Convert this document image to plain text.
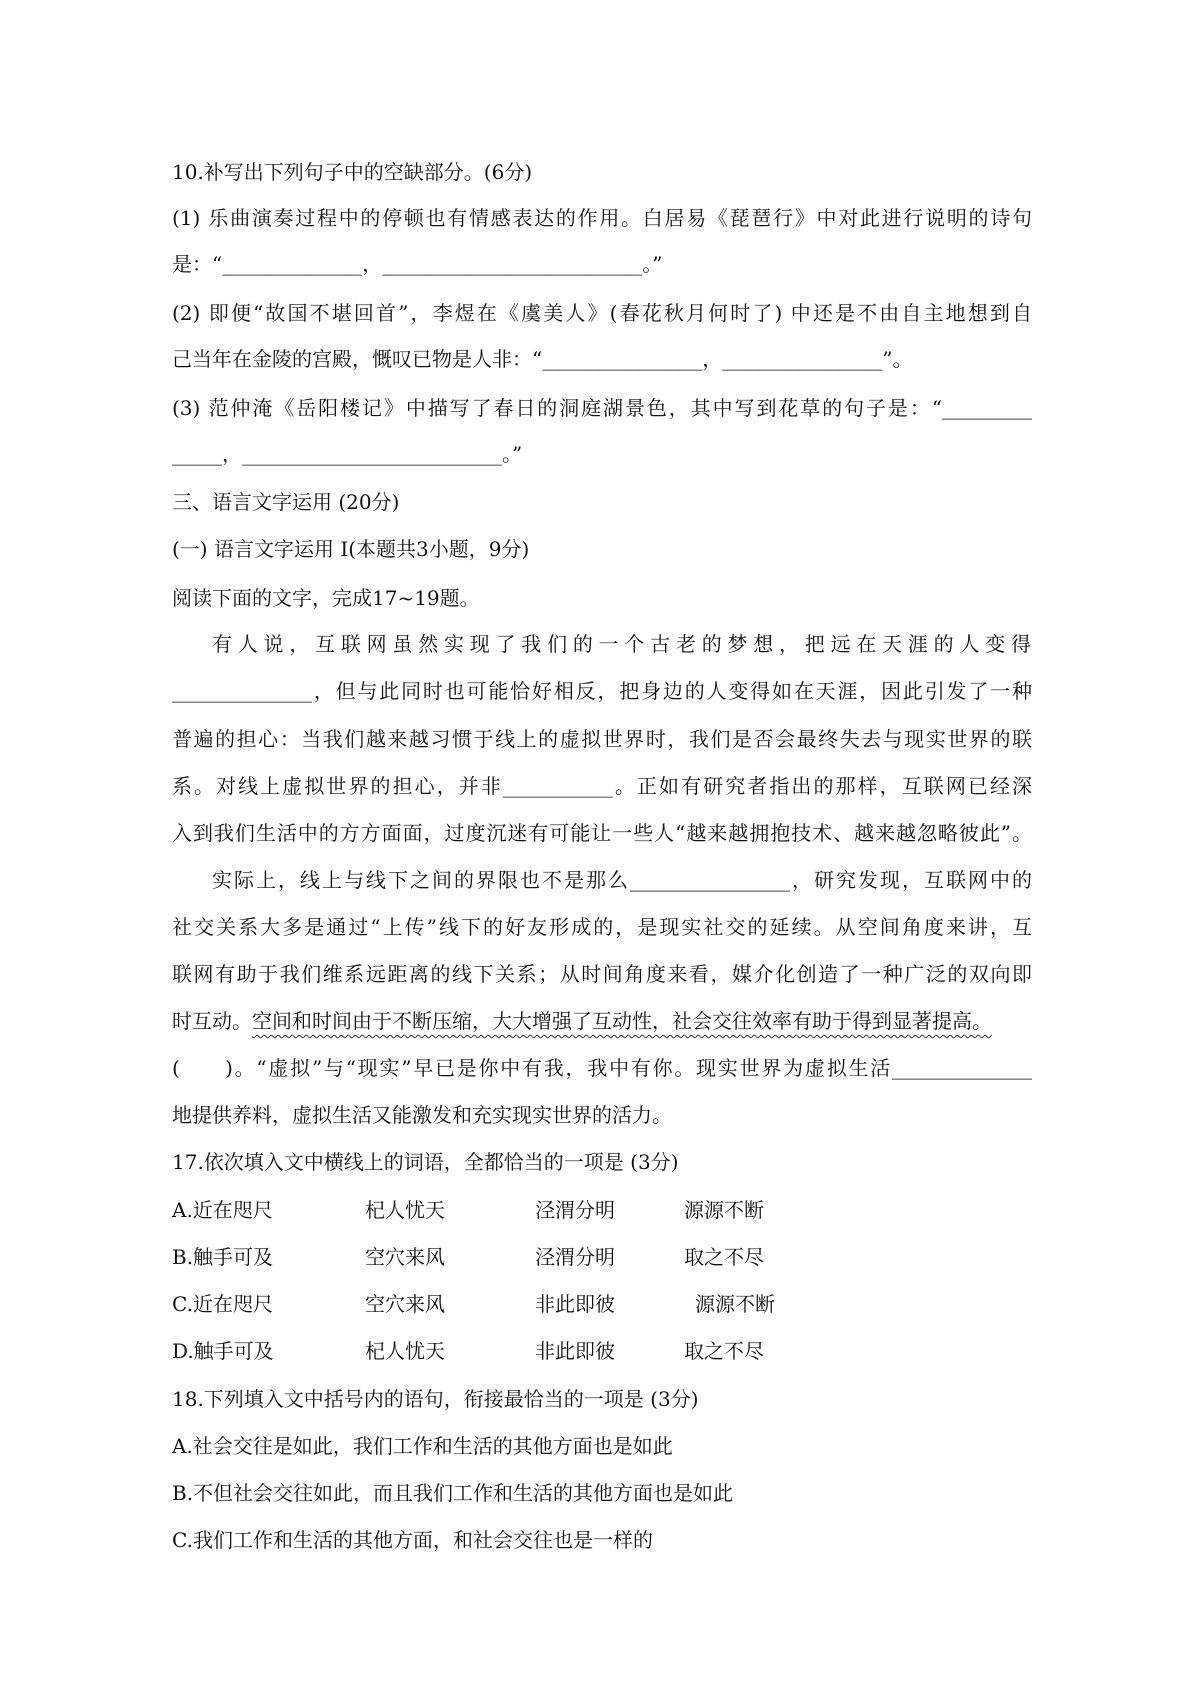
10.补写出下列句子中的空缺部分。(6分)
(1) 乐曲演奏过程中的停顿也有情感表达的作用。白居易《琵琶行》中对此进行说明的诗句
是：“______________，__________________________。”
(2) 即便“故国不堪回首”，李煜在《虞美人》(春花秋月何时了) 中还是不由自主地想到自
己当年在金陵的宫殿，慨叹已物是人非：“________________，________________”。
(3) 范仲淹《岳阳楼记》中描写了春日的洞庭湖景色，其中写到花草的句子是：“_________
_____，__________________________。”
三、语言文字运用 (20分)
(一) 语言文字运用 I(本题共3小题，9分)
阅读下面的文字，完成17~19题。
有人说，互联网虽然实现了我们的一个古老的梦想，把远在天涯的人变得
______________，但与此同时也可能恰好相反，把身边的人变得如在天涯，因此引发了一种
普遍的担心：当我们越来越习惯于线上的虚拟世界时，我们是否会最终失去与现实世界的联
系。对线上虚拟世界的担心，并非___________。正如有研究者指出的那样，互联网已经深
入到我们生活中的方方面面，过度沉迷有可能让一些人“越来越拥抱技术、越来越忽略彼此”。
实际上，线上与线下之间的界限也不是那么________________，研究发现，互联网中的
社交关系大多是通过“上传”线下的好友形成的，是现实社交的延续。从空间角度来讲，互
联网有助于我们维系远距离的线下关系；从时间角度来看，媒介化创造了一种广泛的双向即
时互动。空间和时间由于不断压缩，大大增强了互动性，社会交往效率有助于得到显著提高。
(　　)。“虚拟”与“现实”早已是你中有我，我中有你。现实世界为虚拟生活______________
地提供养料，虚拟生活又能激发和充实现实世界的活力。
17.依次填入文中横线上的词语，全都恰当的一项是 (3分)
A.近在咫尺	杞人忧天	泾渭分明	源源不断
B.触手可及	空穴来风	泾渭分明	取之不尽
C.近在咫尺	空穴来风	非此即彼	源源不断
D.触手可及	杞人忧天	非此即彼	取之不尽
18.下列填入文中括号内的语句，衔接最恰当的一项是 (3分)
A.社会交往是如此，我们工作和生活的其他方面也是如此
B.不但社会交往如此，而且我们工作和生活的其他方面也是如此
C.我们工作和生活的其他方面，和社会交往也是一样的
